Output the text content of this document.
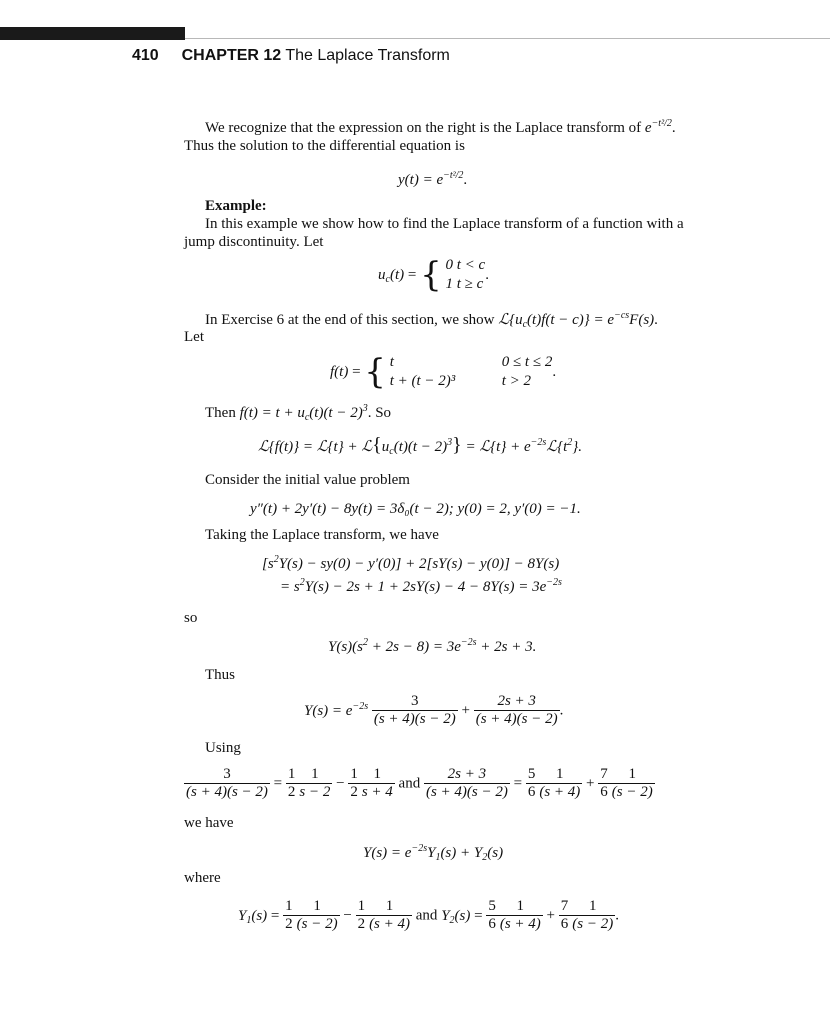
410 CHAPTER 12 The Laplace Transform
We recognize that the expression on the right is the Laplace transform of $e^{-t^2/2}$.
Thus the solution to the differential equation is
$y(t) = e^{-t^2/2}$.
Example:
In this example we show how to find the Laplace transform of a function with a
jump discontinuity. Let
$u_c(t)$ = { 0 t < c
1 t ≥ c
.
In Exercise 6 at the end of this section, we show $ℒ\{u_c(t)f(t - c)\} = e^{-cs}F(s)$.
Let
f(t) = { t	0 ≤ t ≤ 2
t + (t − 2)³	t > 2
.
Then $f(t) = t + u_c(t)(t - 2)^3$. So
ℒ{f(t)} = ℒ{t} + $ℒ\{u_c(t)(t - 2)^3\}$ = ℒ{t} + $e^{-2s}ℒ\{t^2\}$.
Consider the initial value problem
y″(t) + 2y′(t) − 8y(t) = 3δ₀(t − 2); y(0) = 2, y′(0) = −1.
Taking the Laplace transform, we have
$[s^2Y(s) - sy(0) - y'(0)] + 2[sY(s) - y(0)] - 8Y(s)$
= $s^2Y(s) - 2s + 1 + 2sY(s) - 4 - 8Y(s) = 3e^{-2s}$
so
$Y(s)(s^2 + 2s - 8) = 3e^{-2s} + 2s + 3$.
Thus
$Y(s) = e^{-2s} \frac{3}{(s + 4)(s - 2)} + \frac{2s + 3}{(s + 4)(s - 2)}$ .
Using
$\frac{3}{(s + 4)(s - 2)} = \frac{1}{2} \frac{1}{s - 2} - \frac{1}{2} \frac{1}{s + 4}$ and $\frac{2s + 3}{(s + 4)(s - 2)} = \frac{5}{6} \frac{1}{(s + 4)} + \frac{7}{6} \frac{1}{(s - 2)}$
we have
$Y(s) = e^{-2s}Y_1(s) + Y_2(s)$
where
$Y_1(s) = \frac{1}{2} \frac{1}{(s - 2)} - \frac{1}{2} \frac{1}{(s + 4)}$ and $Y_2(s) = \frac{5}{6} \frac{1}{(s + 4)} + \frac{7}{6} \frac{1}{(s - 2)}$ .
